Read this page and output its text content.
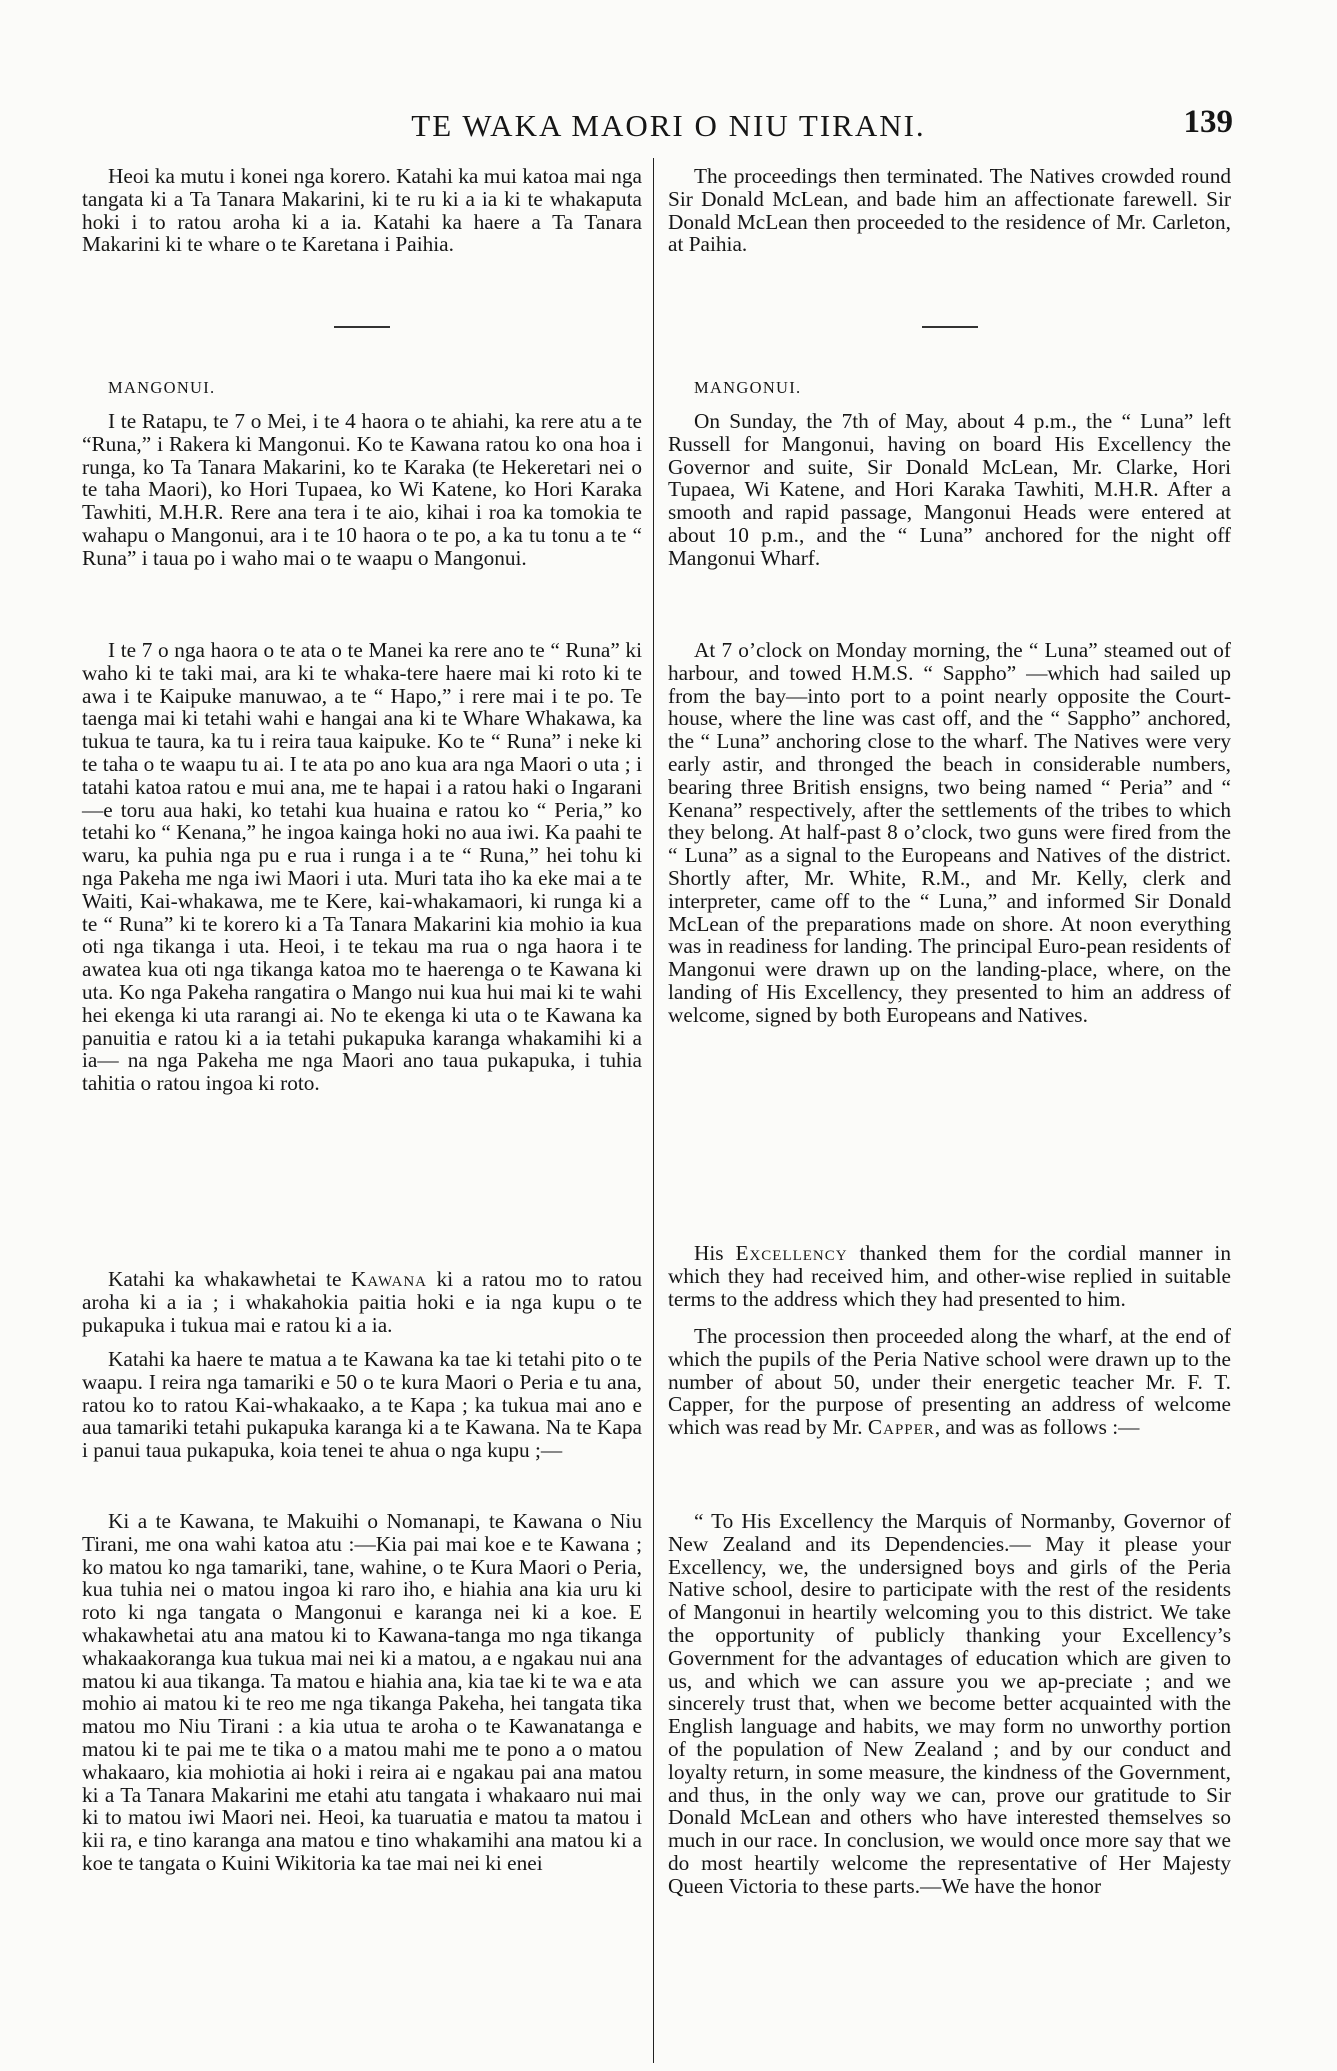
TE WAKA MAORI O NIU TIRANI.	139

Heoi ka mutu i konei nga korero. Katahi ka mui katoa mai nga tangata ki a Ta Tanara Makarini, ki te ru ki a ia ki te whakaputa hoki i to ratou aroha ki a ia. Katahi ka haere a Ta Tanara Makarini ki te whare o te Karetana i Paihia.

MANGONUI.

I te Ratapu, te 7 o Mei, i te 4 haora o te ahiahi, ka rere atu a te “Runa,” i Rakera ki Mangonui. Ko te Kawana ratou ko ona hoa i runga, ko Ta Tanara Makarini, ko te Karaka (te Hekeretari nei o te taha Maori), ko Hori Tupaea, ko Wi Katene, ko Hori Karaka Tawhiti, M.H.R. Rere ana tera i te aio, kihai i roa ka tomokia te wahapu o Mangonui, ara i te 10 haora o te po, a ka tu tonu a te “ Runa” i taua po i waho mai o te waapu o Mangonui.

I te 7 o nga haora o te ata o te Manei ka rere ano te “ Runa” ki waho ki te taki mai, ara ki te whaka-tere haere mai ki roto ki te awa i te Kaipuke manuwao, a te “ Hapo,” i rere mai i te po. Te taenga mai ki tetahi wahi e hangai ana ki te Whare Whakawa, ka tukua te taura, ka tu i reira taua kaipuke. Ko te “ Runa” i neke ki te taha o te waapu tu ai. I te ata po ano kua ara nga Maori o uta ; i tatahi katoa ratou e mui ana, me te hapai i a ratou haki o Ingarani—e toru aua haki, ko tetahi kua huaina e ratou ko “ Peria,” ko tetahi ko “ Kenana,” he ingoa kainga hoki no aua iwi. Ka paahi te waru, ka puhia nga pu e rua i runga i a te “ Runa,” hei tohu ki nga Pakeha me nga iwi Maori i uta. Muri tata iho ka eke mai a te Waiti, Kai-whakawa, me te Kere, kai-whakamaori, ki runga ki a te “ Runa” ki te korero ki a Ta Tanara Makarini kia mohio ia kua oti nga tikanga i uta. Heoi, i te tekau ma rua o nga haora i te awatea kua oti nga tikanga katoa mo te haerenga o te Kawana ki uta. Ko nga Pakeha rangatira o Mango nui kua hui mai ki te wahi hei ekenga ki uta rarangi ai. No te ekenga ki uta o te Kawana ka panuitia e ratou ki a ia tetahi pukapuka karanga whakamihi ki a ia— na nga Pakeha me nga Maori ano taua pukapuka, i tuhia tahitia o ratou ingoa ki roto.

Katahi ka whakawhetai te Kawana ki a ratou mo to ratou aroha ki a ia ; i whakahokia paitia hoki e ia nga kupu o te pukapuka i tukua mai e ratou ki a ia.

Katahi ka haere te matua a te Kawana ka tae ki tetahi pito o te waapu. I reira nga tamariki e 50 o te kura Maori o Peria e tu ana, ratou ko to ratou Kai-whakaako, a te Kapa ; ka tukua mai ano e aua tamariki tetahi pukapuka karanga ki a te Kawana. Na te Kapa i panui taua pukapuka, koia tenei te ahua o nga kupu ;—

Ki a te Kawana, te Makuihi o Nomanapi, te Kawana o Niu Tirani, me ona wahi katoa atu :—Kia pai mai koe e te Kawana ; ko matou ko nga tamariki, tane, wahine, o te Kura Maori o Peria, kua tuhia nei o matou ingoa ki raro iho, e hiahia ana kia uru ki roto ki nga tangata o Mangonui e karanga nei ki a koe. E whakawhetai atu ana matou ki to Kawana-tanga mo nga tikanga whakaakoranga kua tukua mai nei ki a matou, a e ngakau nui ana matou ki aua tikanga. Ta matou e hiahia ana, kia tae ki te wa e ata mohio ai matou ki te reo me nga tikanga Pakeha, hei tangata tika matou mo Niu Tirani : a kia utua te aroha o te Kawanatanga e matou ki te pai me te tika o a matou mahi me te pono a o matou whakaaro, kia mohiotia ai hoki i reira ai e ngakau pai ana matou ki a Ta Tanara Makarini me etahi atu tangata i whakaaro nui mai ki to matou iwi Maori nei. Heoi, ka tuaruatia e matou ta matou i kii ra, e tino karanga ana matou e tino whakamihi ana matou ki a koe te tangata o Kuini Wikitoria ka tae mai nei ki enei

The proceedings then terminated. The Natives crowded round Sir Donald McLean, and bade him an affectionate farewell. Sir Donald McLean then proceeded to the residence of Mr. Carleton, at Paihia.

MANGONUI.

On Sunday, the 7th of May, about 4 p.m., the “ Luna” left Russell for Mangonui, having on board His Excellency the Governor and suite, Sir Donald McLean, Mr. Clarke, Hori Tupaea, Wi Katene, and Hori Karaka Tawhiti, M.H.R. After a smooth and rapid passage, Mangonui Heads were entered at about 10 p.m., and the “ Luna” anchored for the night off Mangonui Wharf.

At 7 o’clock on Monday morning, the “ Luna” steamed out of harbour, and towed H.M.S. “ Sappho” —which had sailed up from the bay—into port to a point nearly opposite the Court-house, where the line was cast off, and the “ Sappho” anchored, the “ Luna” anchoring close to the wharf. The Natives were very early astir, and thronged the beach in considerable numbers, bearing three British ensigns, two being named “ Peria” and “ Kenana” respectively, after the settlements of the tribes to which they belong. At half-past 8 o’clock, two guns were fired from the “ Luna” as a signal to the Europeans and Natives of the district. Shortly after, Mr. White, R.M., and Mr. Kelly, clerk and interpreter, came off to the “ Luna,” and informed Sir Donald McLean of the preparations made on shore. At noon everything was in readiness for landing. The principal Euro-pean residents of Mangonui were drawn up on the landing-place, where, on the landing of His Excellency, they presented to him an address of welcome, signed by both Europeans and Natives.

His Excellency thanked them for the cordial manner in which they had received him, and other-wise replied in suitable terms to the address which they had presented to him.

The procession then proceeded along the wharf, at the end of which the pupils of the Peria Native school were drawn up to the number of about 50, under their energetic teacher Mr. F. T. Capper, for the purpose of presenting an address of welcome which was read by Mr. Capper, and was as follows :—

“ To His Excellency the Marquis of Normanby, Governor of New Zealand and its Dependencies.— May it please your Excellency, we, the undersigned boys and girls of the Peria Native school, desire to participate with the rest of the residents of Mangonui in heartily welcoming you to this district. We take the opportunity of publicly thanking your Excellency’s Government for the advantages of education which are given to us, and which we can assure you we ap-preciate ; and we sincerely trust that, when we become better acquainted with the English language and habits, we may form no unworthy portion of the population of New Zealand ; and by our conduct and loyalty return, in some measure, the kindness of the Government, and thus, in the only way we can, prove our gratitude to Sir Donald McLean and others who have interested themselves so much in our race. In conclusion, we would once more say that we do most heartily welcome the representative of Her Majesty Queen Victoria to these parts.—We have the honor
